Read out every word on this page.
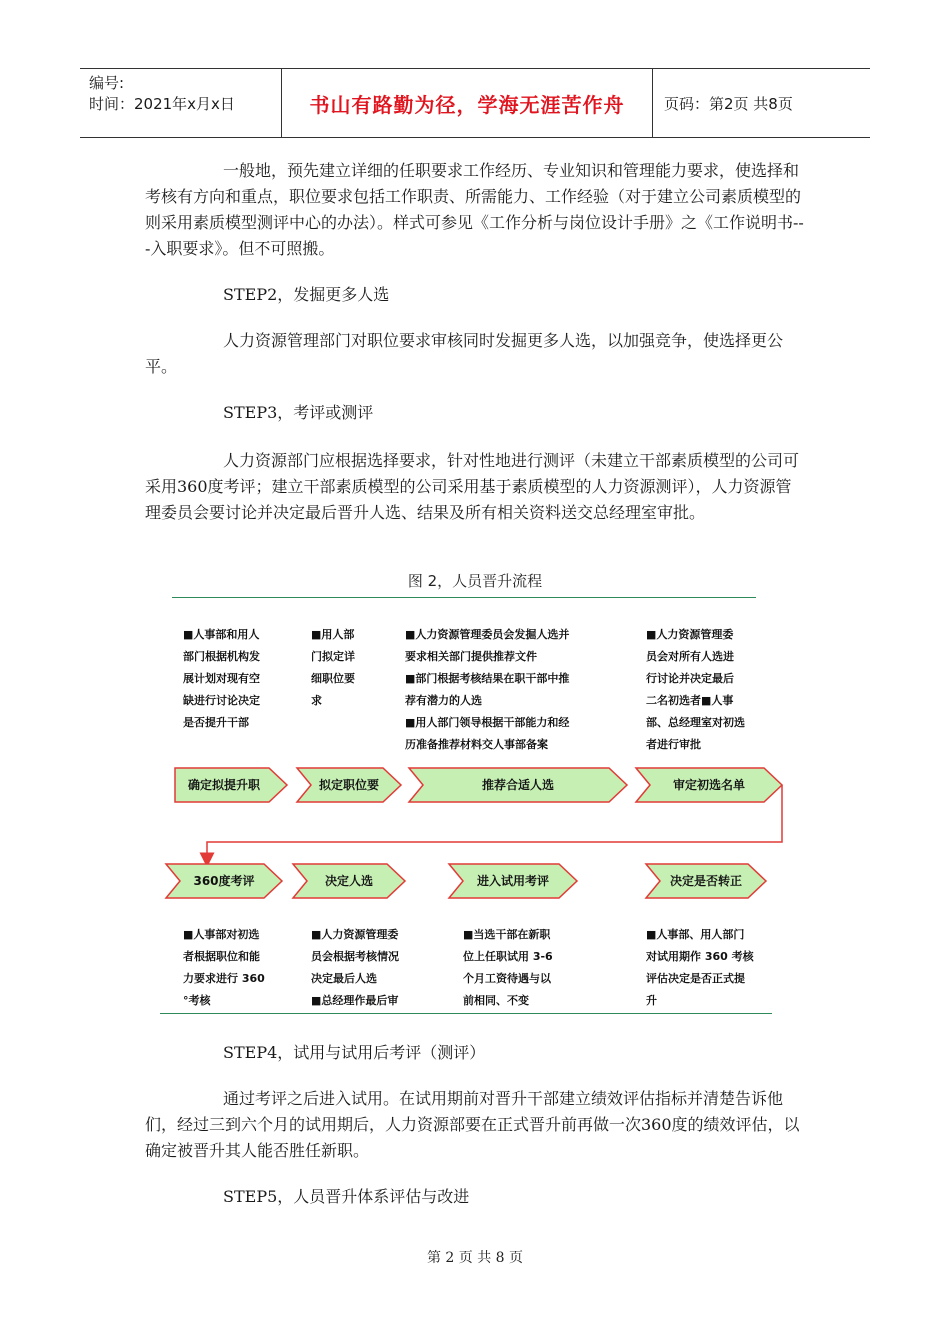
编号:
时间：2021年x月x日	书山有路勤为径，学海无涯苦作舟	页码：第2页 共8页
一般地，预先建立详细的任职要求工作经历、专业知识和管理能力要求，使选择和考核有方向和重点，职位要求包括工作职责、所需能力、工作经验（对于建立公司素质模型的则采用素质模型测评中心的办法）。样式可参见《工作分析与岗位设计手册》之《工作说明书---入职要求》。但不可照搬。
STEP2，发掘更多人选
人力资源管理部门对职位要求审核同时发掘更多人选，以加强竞争，使选择更公平。
STEP3，考评或测评
人力资源部门应根据选择要求，针对性地进行测评（未建立干部素质模型的公司可采用360度考评；建立干部素质模型的公司采用基于素质模型的人力资源测评），人力资源管理委员会要讨论并决定最后晋升人选、结果及所有相关资料送交总经理室审批。
图 2，人员晋升流程
■人事部和用人
部门根据机构发
展计划对现有空
缺进行讨论决定
是否提升干部
■用人部
门拟定详
细职位要
求
■人力资源管理委员会发掘人选并
要求相关部门提供推荐文件
■部门根据考核结果在职干部中推
荐有潜力的人选
■用人部门领导根据干部能力和经
历准备推荐材料交人事部备案
■人力资源管理委
员会对所有人选进
行讨论并决定最后
二名初选者■人事
部、总经理室对初选
者进行审批
■人事部对初选
者根据职位和能
力要求进行 360
°考核
■人力资源管理委
员会根据考核情况
决定最后人选
■总经理作最后审
■当选干部在新职
位上任职试用 3-6
个月工资待遇与以
前相同、不变
■人事部、用人部门
对试用期作 360 考核
评估决定是否正式提
升
确定拟提升职	拟定职位要	推荐合适人选	审定初选名单
360度考评	决定人选	进入试用考评	决定是否转正
STEP4，试用与试用后考评（测评）
通过考评之后进入试用。在试用期前对晋升干部建立绩效评估指标并清楚告诉他们，经过三到六个月的试用期后，人力资源部要在正式晋升前再做一次360度的绩效评估，以确定被晋升其人能否胜任新职。
STEP5，人员晋升体系评估与改进
第 2 页 共 8 页
